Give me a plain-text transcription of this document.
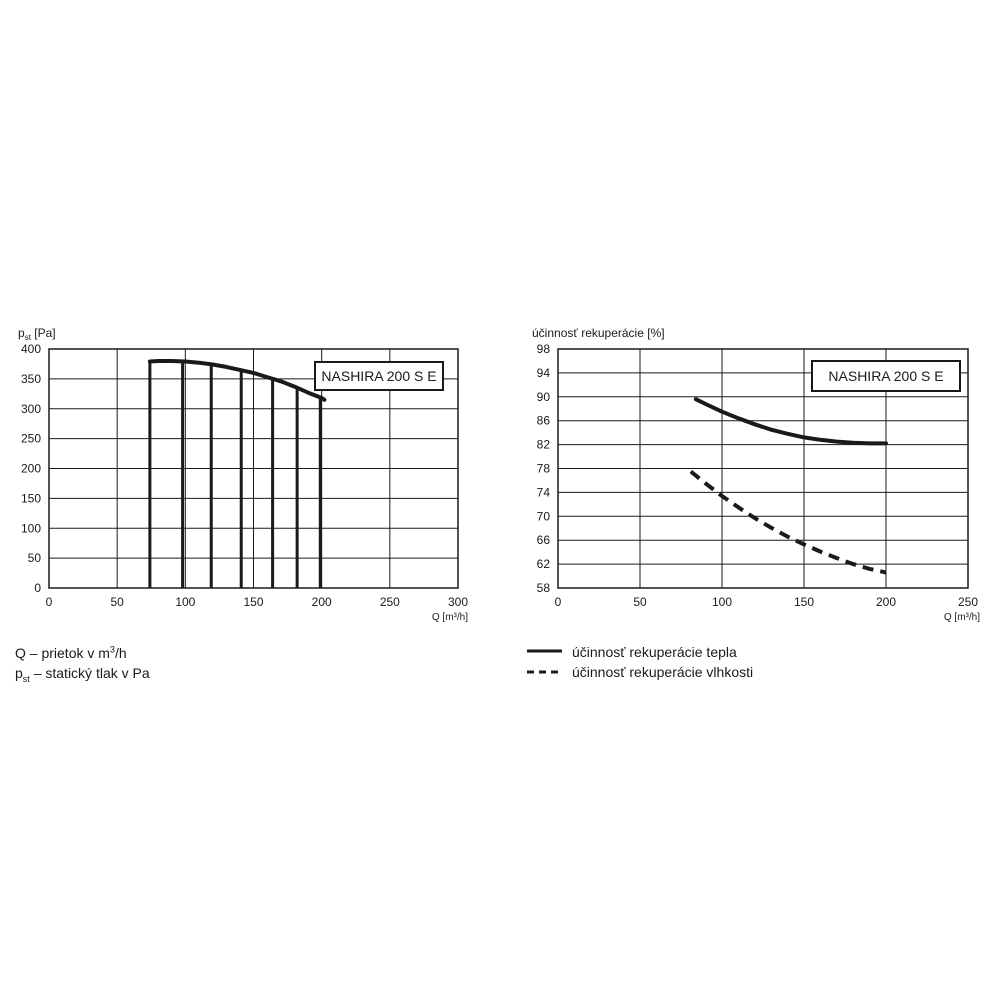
$p_{st}$ [Pa]
0
50
100
150
200
250
300
350
400
0	50	100	150	200	250	300
NASHIRA 200 S E
Q [m³/h]
účinnosť rekuperácie [%]
58
62
66
70
74
78
82
86
90
94
98
0	50	100	150	200	250
NASHIRA 200 S E
Q [m³/h]
Q – prietok v $m^3/h$
$p_{st}$ – statický tlak v Pa
účinnosť rekuperácie tepla
účinnosť rekuperácie vlhkosti
